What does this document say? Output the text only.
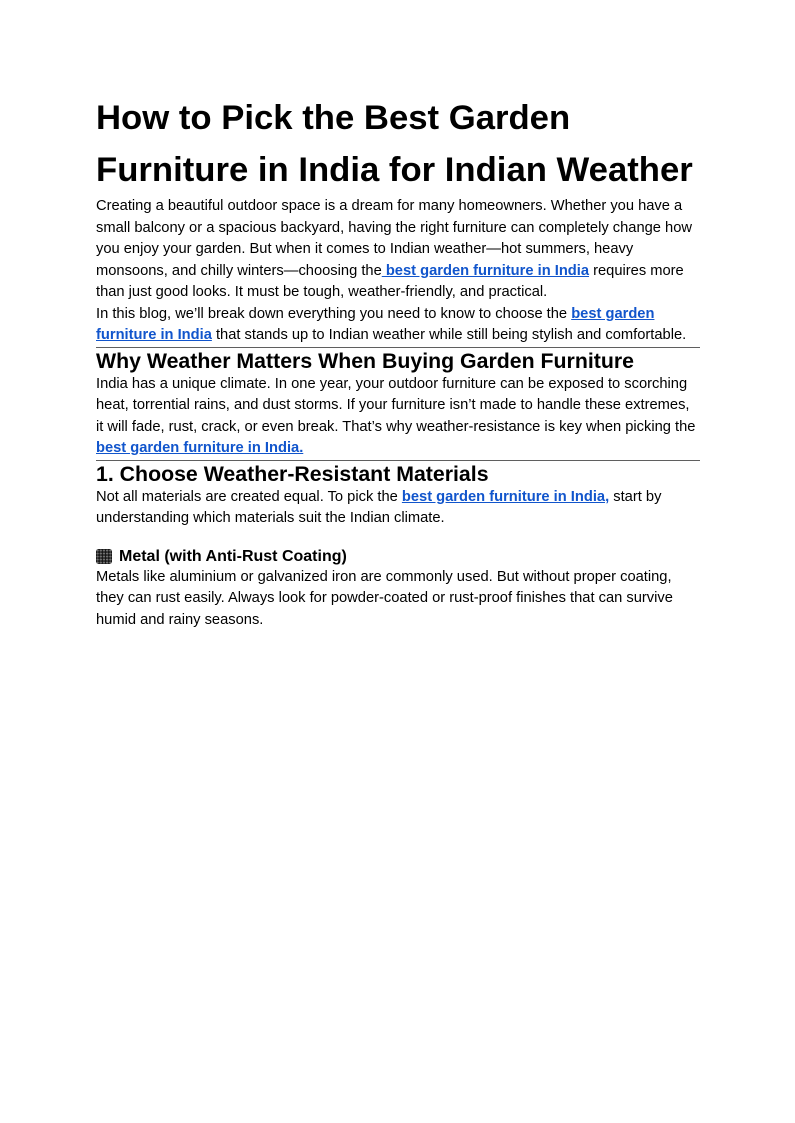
How to Pick the Best Garden Furniture in India for Indian Weather

Creating a beautiful outdoor space is a dream for many homeowners. Whether you have a small balcony or a spacious backyard, having the right furniture can completely change how you enjoy your garden. But when it comes to Indian weather—hot summers, heavy monsoons, and chilly winters—choosing the best garden furniture in India requires more than just good looks. It must be tough, weather-friendly, and practical.

In this blog, we’ll break down everything you need to know to choose the best garden furniture in India that stands up to Indian weather while still being stylish and comfortable.

Why Weather Matters When Buying Garden Furniture

India has a unique climate. In one year, your outdoor furniture can be exposed to scorching heat, torrential rains, and dust storms. If your furniture isn’t made to handle these extremes, it will fade, rust, crack, or even break. That’s why weather-resistance is key when picking the best garden furniture in India.

1. Choose Weather-Resistant Materials

Not all materials are created equal. To pick the best garden furniture in India, start by understanding which materials suit the Indian climate.

Metal (with Anti-Rust Coating)

Metals like aluminium or galvanized iron are commonly used. But without proper coating, they can rust easily. Always look for powder-coated or rust-proof finishes that can survive humid and rainy seasons.
